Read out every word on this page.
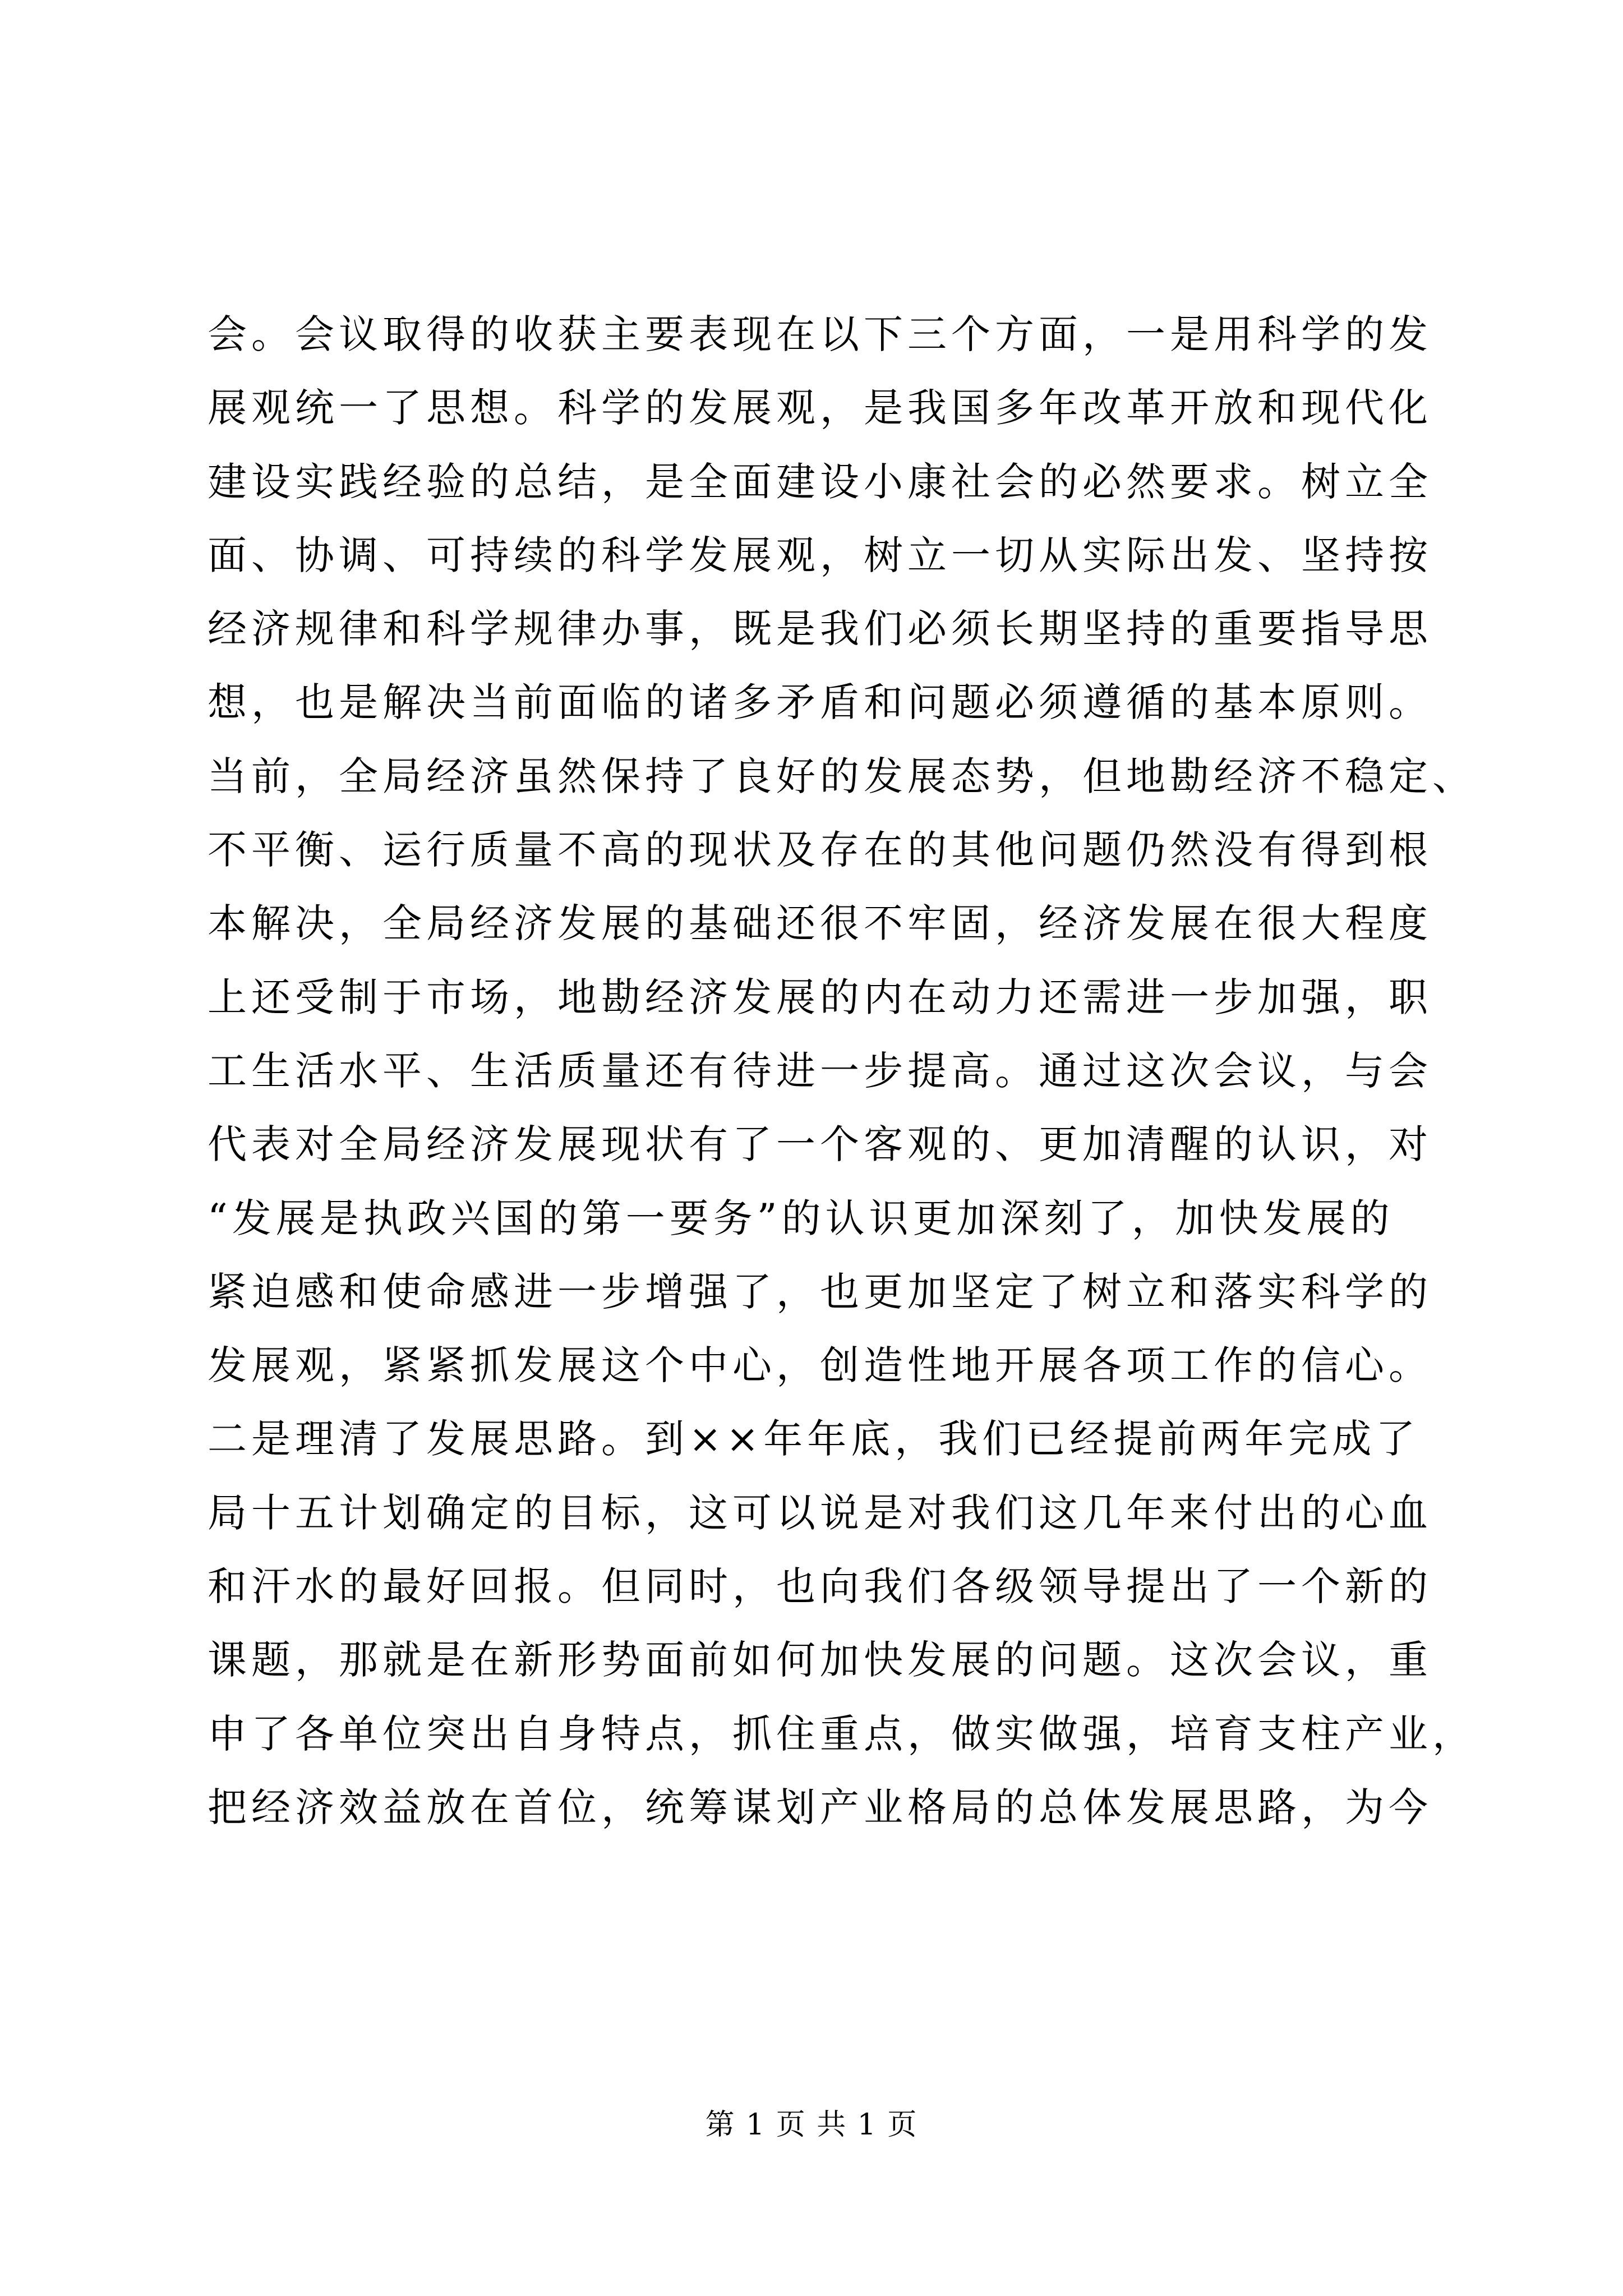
会。会议取得的收获主要表现在以下三个方面，一是用科学的发
展观统一了思想。科学的发展观，是我国多年改革开放和现代化
建设实践经验的总结，是全面建设小康社会的必然要求。树立全
面、协调、可持续的科学发展观，树立一切从实际出发、坚持按
经济规律和科学规律办事，既是我们必须长期坚持的重要指导思
想，也是解决当前面临的诸多矛盾和问题必须遵循的基本原则。
当前，全局经济虽然保持了良好的发展态势，但地勘经济不稳定、
不平衡、运行质量不高的现状及存在的其他问题仍然没有得到根
本解决，全局经济发展的基础还很不牢固，经济发展在很大程度
上还受制于市场，地勘经济发展的内在动力还需进一步加强，职
工生活水平、生活质量还有待进一步提高。通过这次会议，与会
代表对全局经济发展现状有了一个客观的、更加清醒的认识，对
“发展是执政兴国的第一要务”的认识更加深刻了，加快发展的
紧迫感和使命感进一步增强了，也更加坚定了树立和落实科学的
发展观，紧紧抓发展这个中心，创造性地开展各项工作的信心。
二是理清了发展思路。到××年年底，我们已经提前两年完成了
局十五计划确定的目标，这可以说是对我们这几年来付出的心血
和汗水的最好回报。但同时，也向我们各级领导提出了一个新的
课题，那就是在新形势面前如何加快发展的问题。这次会议，重
申了各单位突出自身特点，抓住重点，做实做强，培育支柱产业，
把经济效益放在首位，统筹谋划产业格局的总体发展思路，为今
第 1 页 共 1 页
